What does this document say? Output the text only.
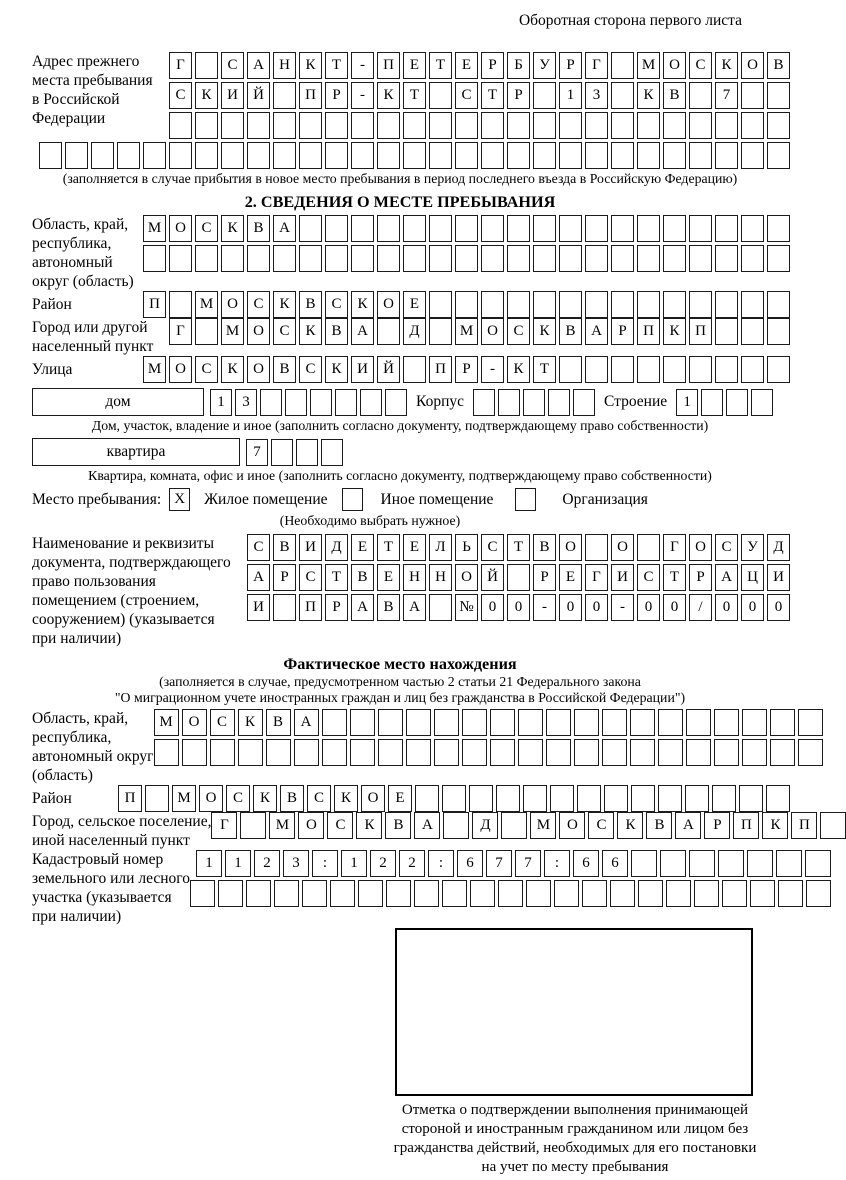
Оборотная сторона первого листа
Адрес прежнего
места пребывания
в Российской
Федерации
Г	С	А	Н	К	Т	-	П	Е	Т	Е	Р	Б	У	Р	Г	М О	С	К	О	В
С	К	И	Й	П	Р	-	К	Т	С	Т	Р	1	3	К	В	7
(заполняется в случае прибытия в новое место пребывания в период последнего въезда в Российскую Федерацию)
2. СВЕДЕНИЯ О МЕСТЕ ПРЕБЫВАНИЯ
Область, край,
республика,
автономный
округ (область)
М О	С	К	В	А
Район	П	М О	С	К	В	С	К	О	Е
Город или другой
населенный пункт
Г	М О	С	К	В	А	Д	М О	С	К	В	А	Р	П	К	П
Улица	М О	С	К	О	В	С	К	И	Й	П	Р	-	К	Т
дом	1	3	Корпус	Строение	1
Дом, участок, владение и иное (заполнить согласно документу, подтверждающему право собственности)
квартира	7
Квартира, комната, офис и иное (заполнить согласно документу, подтверждающему право собственности)
Место пребывания: X	Жилое помещение	Иное помещение	Организация
(Необходимо выбрать нужное)
Наименование и реквизиты
документа, подтверждающего
право пользования
помещением (строением,
сооружением) (указывается
при наличии)
С	В	И	Д	Е	Т	Е	Л	Ь	С	Т	В	О	О	Г	О	С	У	Д
А	Р	С	Т	В	Е	Н	Н	О	Й	Р	Е	Г	И	С	Т	Р	А	Ц	И
И	П	Р	А	В	А	№	0	0	-	0	0	-	0	0	/	0	0	0
Фактическое место нахождения
(заполняется в случае, предусмотренном частью 2 статьи 21 Федерального закона
"О миграционном учете иностранных граждан и лиц без гражданства в Российской Федерации")
Область, край,
республика,
автономный округ
(область)
М	О	С	К	В	А
Район	П	М О	С	К	В	С	К	О	Е
Город, сельское поселение,
иной населенный пункт
Г	М	О	С	К	В	А	Д	М	О	С	К	В	А	Р	П	К	П
Кадастровый номер
земельного или лесного
участка (указывается
при наличии)
1	1	2	3	:	1	2	2	:	6	7	7	:	6	6
Отметка о подтверждении выполнения принимающей
стороной и иностранным гражданином или лицом без
гражданства действий, необходимых для его постановки
на учет по месту пребывания
